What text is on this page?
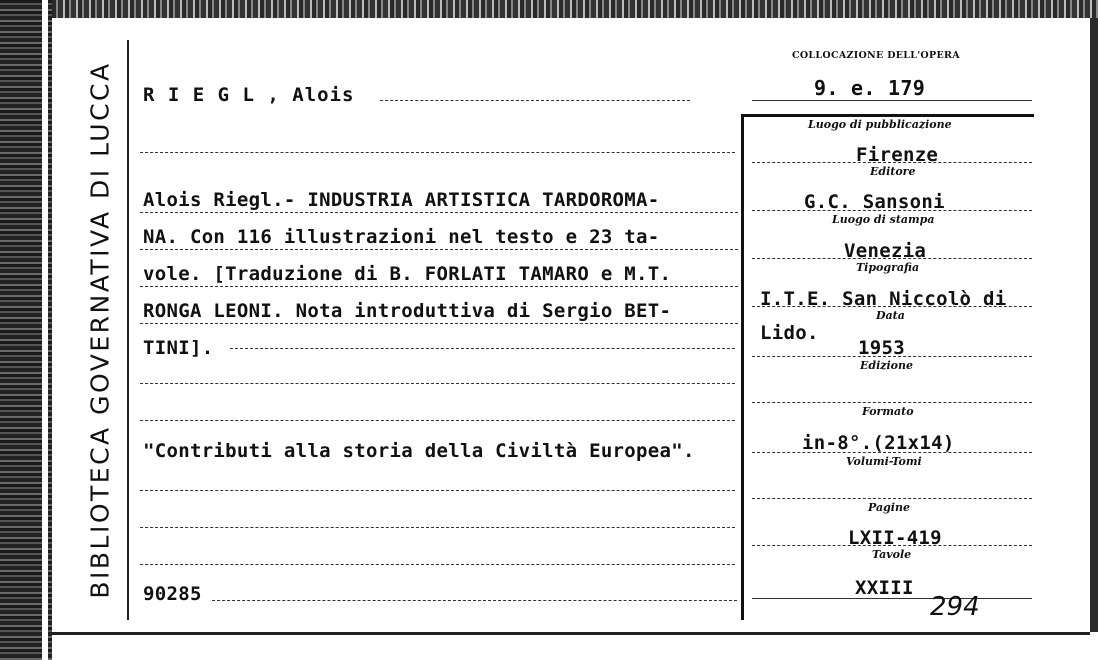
BIBLIOTECA GOVERNATIVA DI LUCCA
COLLOCAZIONE DELL'OPERA
9. e. 179
R I E G L , Alois
Alois Riegl.- INDUSTRIA ARTISTICA TARDOROMA-
NA. Con 116 illustrazioni nel testo e 23 ta-
vole. [Traduzione di B. FORLATI TAMARO e M.T.
RONGA LEONI. Nota introduttiva di Sergio BET-
TINI].
"Contributi alla storia della Civiltà Europea".
90285
Luogo di pubblicazione
Firenze
Editore
G.C. Sansoni
Luogo di stampa
Venezia
Tipografia
I.T.E. San Niccolò di
Data
Lido.
1953
Edizione
Formato
in-8°.(21x14)
Volumi-Tomi
Pagine
LXII-419
Tavole
XXIII
294
